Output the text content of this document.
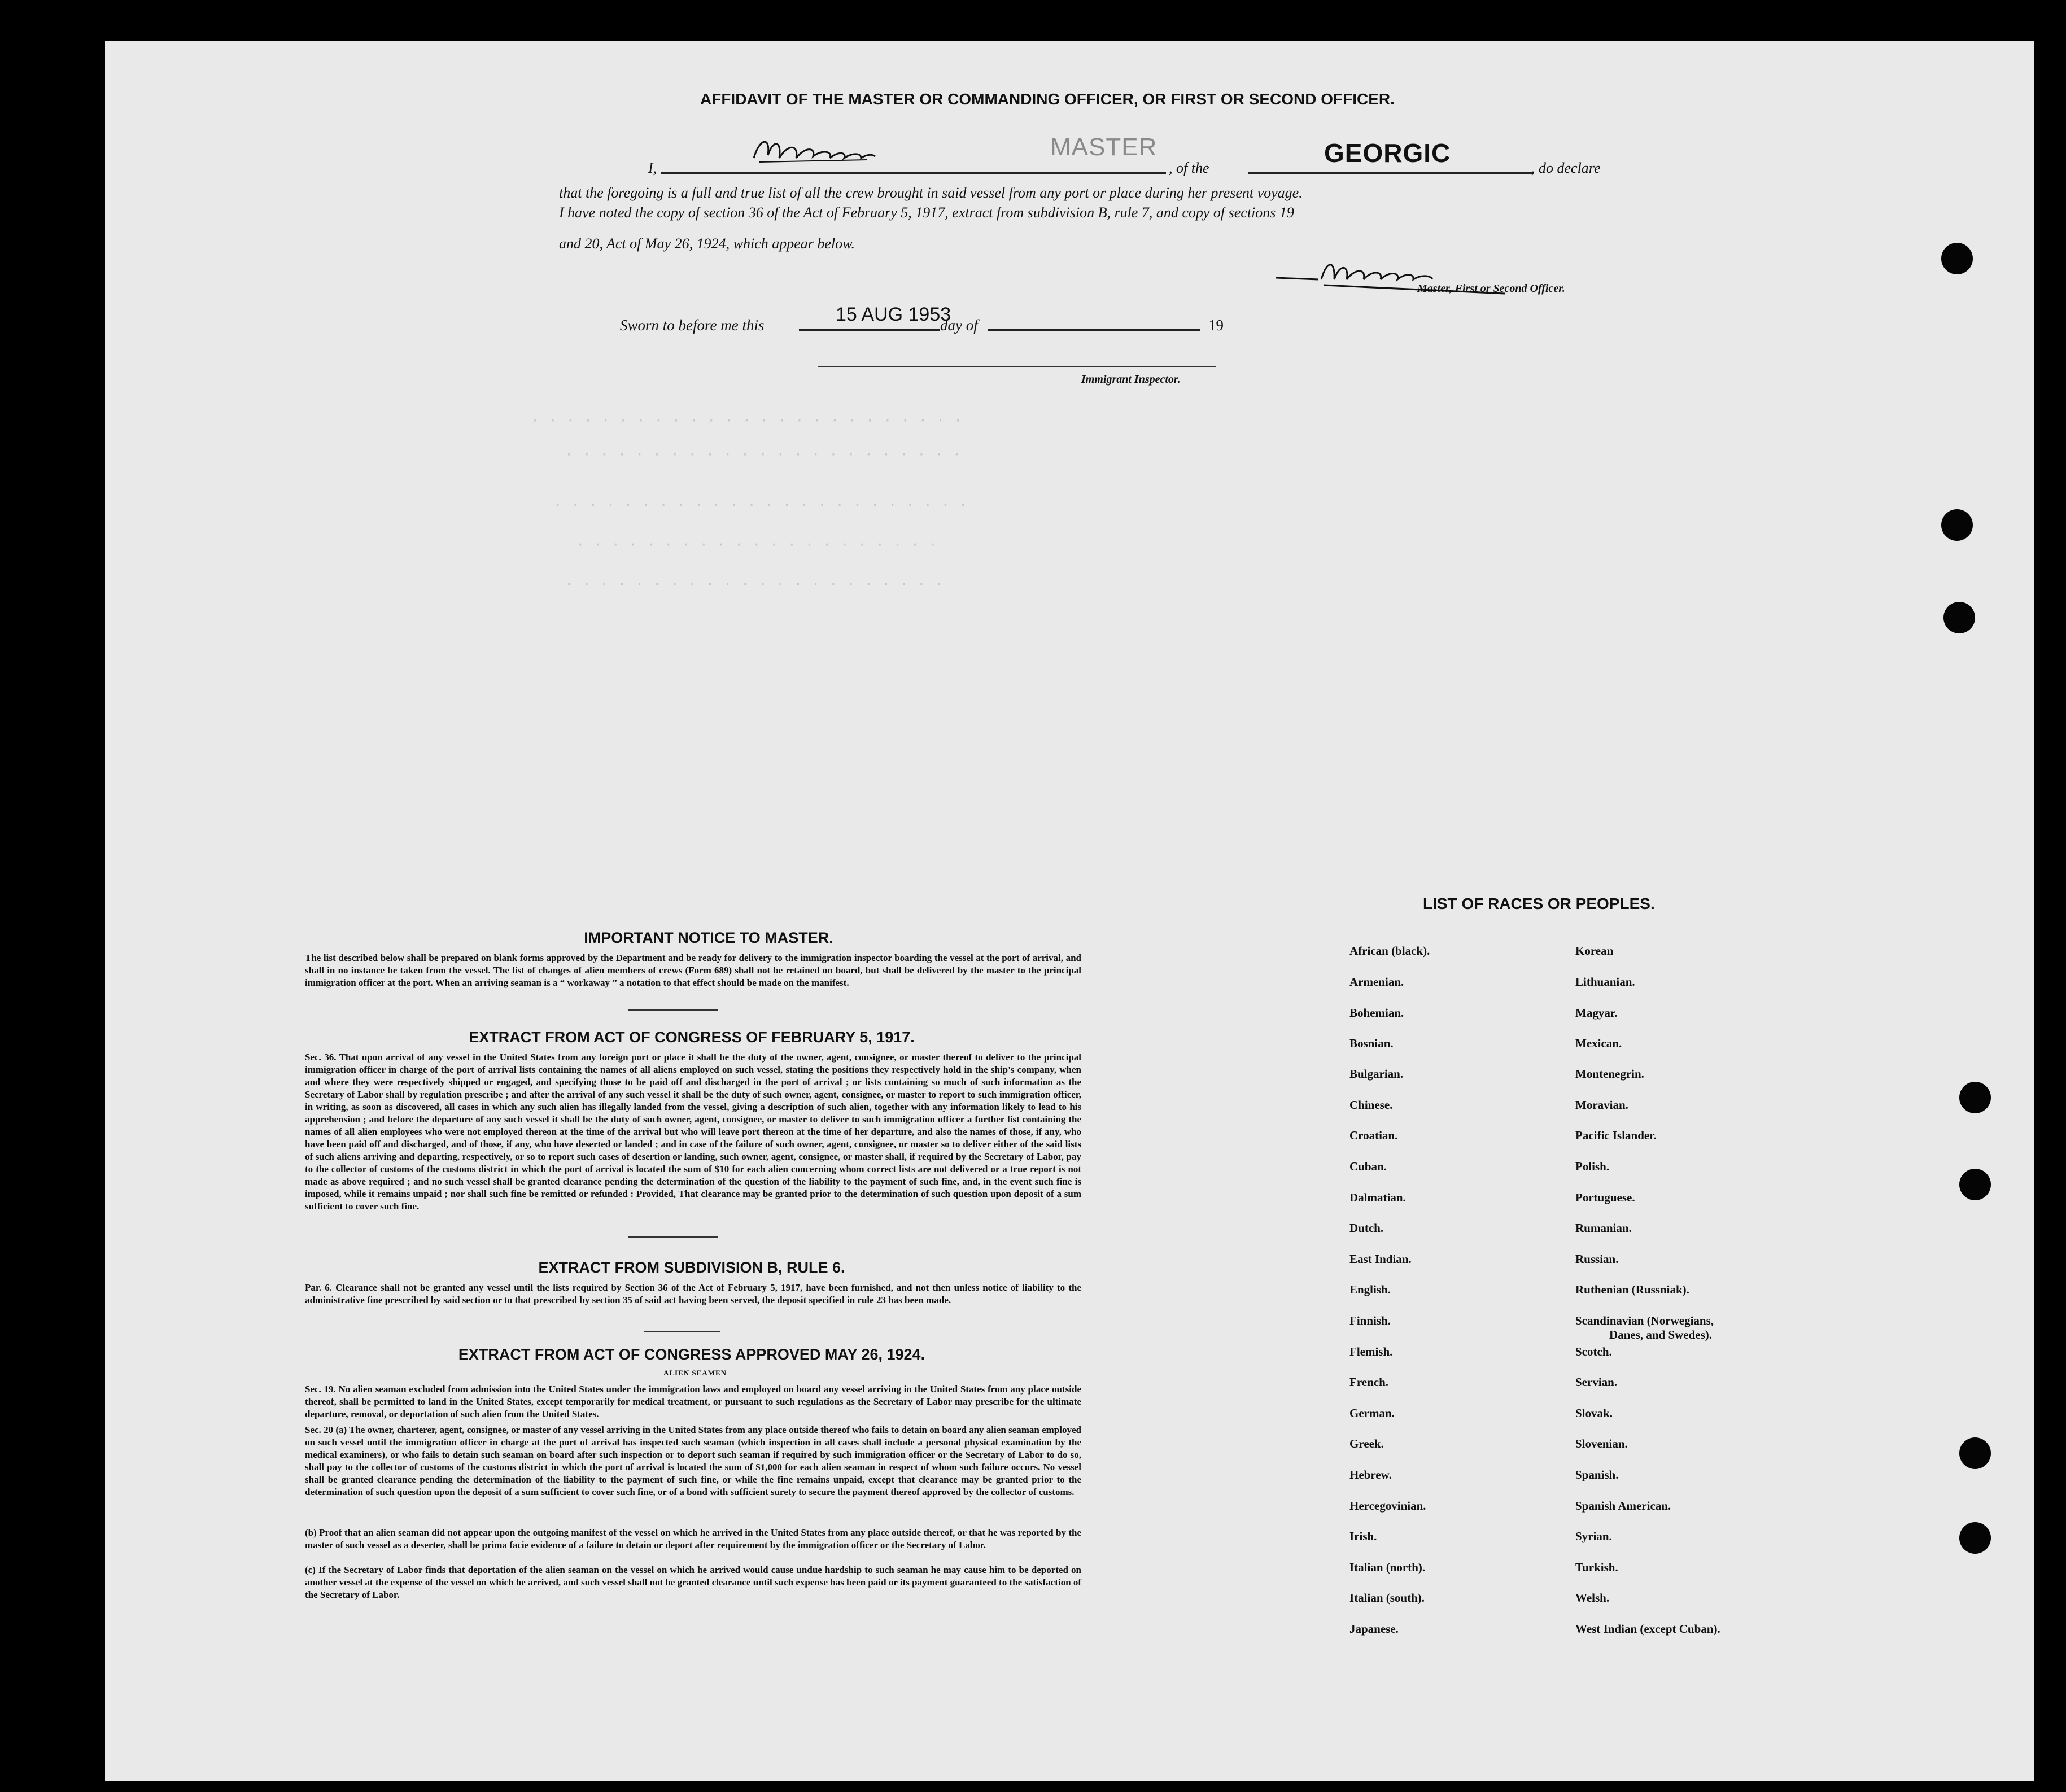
· · · · · · · · · · · · · · · · · · · · · · · · ·
· · · · · · · · · · · · · · · · · · · · · · ·
· · · · · · · · · · · · · · · · · · · · · · · ·
· · · · · · · · · · · · · · · · · · · · ·
· · · · · · · · · · · · · · · · · · · · · ·
AFFIDAVIT OF THE MASTER OR COMMANDING OFFICER, OR FIRST OR SECOND OFFICER.
I,
MASTER
, of the
GEORGIC
, do declare
that the foregoing is a full and true list of all the crew brought in said vessel from any port or place during her present voyage.
I have noted the copy of section 36 of the Act of February 5, 1917, extract from subdivision B, rule 7, and copy of sections 19
and 20, Act of May 26, 1924, which appear below.
Master, First or Second Officer.
Sworn to before me this	15 AUG 1953
day of	19
Immigrant Inspector.
IMPORTANT NOTICE TO MASTER.
The list described below shall be prepared on blank forms approved by the Department and be ready for delivery to the immigration inspector boarding the vessel at the port of arrival, and shall in no instance be taken from the vessel. The list of changes of alien members of crews (Form 689) shall not be retained on board, but shall be delivered by the master to the principal immigration officer at the port. When an arriving seaman is a “ workaway ” a notation to that effect should be made on the manifest.
EXTRACT FROM ACT OF CONGRESS OF FEBRUARY 5, 1917.
Sec. 36. That upon arrival of any vessel in the United States from any foreign port or place it shall be the duty of the owner, agent, consignee, or master thereof to deliver to the principal immigration officer in charge of the port of arrival lists containing the names of all aliens employed on such vessel, stating the positions they respectively hold in the ship's company, when and where they were respectively shipped or engaged, and specifying those to be paid off and discharged in the port of arrival ; or lists containing so much of such information as the Secretary of Labor shall by regulation prescribe ; and after the arrival of any such vessel it shall be the duty of such owner, agent, consignee, or master to report to such immigration officer, in writing, as soon as discovered, all cases in which any such alien has illegally landed from the vessel, giving a description of such alien, together with any information likely to lead to his apprehension ; and before the departure of any such vessel it shall be the duty of such owner, agent, consignee, or master to deliver to such immigration officer a further list containing the names of all alien employees who were not employed thereon at the time of the arrival but who will leave port thereon at the time of her departure, and also the names of those, if any, who have been paid off and discharged, and of those, if any, who have deserted or landed ; and in case of the failure of such owner, agent, consignee, or master so to deliver either of the said lists of such aliens arriving and departing, respectively, or so to report such cases of desertion or landing, such owner, agent, consignee, or master shall, if required by the Secretary of Labor, pay to the collector of customs of the customs district in which the port of arrival is located the sum of $10 for each alien concerning whom correct lists are not delivered or a true report is not made as above required ; and no such vessel shall be granted clearance pending the determination of the question of the liability to the payment of such fine, and, in the event such fine is imposed, while it remains unpaid ; nor shall such fine be remitted or refunded : Provided, That clearance may be granted prior to the determination of such question upon deposit of a sum sufficient to cover such fine.
EXTRACT FROM SUBDIVISION B, RULE 6.
Par. 6. Clearance shall not be granted any vessel until the lists required by Section 36 of the Act of February 5, 1917, have been furnished, and not then unless notice of liability to the administrative fine prescribed by said section or to that prescribed by section 35 of said act having been served, the deposit specified in rule 23 has been made.
EXTRACT FROM ACT OF CONGRESS APPROVED MAY 26, 1924.
ALIEN SEAMEN
Sec. 19. No alien seaman excluded from admission into the United States under the immigration laws and employed on board any vessel arriving in the United States from any place outside thereof, shall be permitted to land in the United States, except temporarily for medical treatment, or pursuant to such regulations as the Secretary of Labor may prescribe for the ultimate departure, removal, or deportation of such alien from the United States.
Sec. 20 (a) The owner, charterer, agent, consignee, or master of any vessel arriving in the United States from any place outside thereof who fails to detain on board any alien seaman employed on such vessel until the immigration officer in charge at the port of arrival has inspected such seaman (which inspection in all cases shall include a personal physical examination by the medical examiners), or who fails to detain such seaman on board after such inspection or to deport such seaman if required by such immigration officer or the Secretary of Labor to do so, shall pay to the collector of customs of the customs district in which the port of arrival is located the sum of $1,000 for each alien seaman in respect of whom such failure occurs. No vessel shall be granted clearance pending the determination of the liability to the payment of such fine, or while the fine remains unpaid, except that clearance may be granted prior to the determination of such question upon the deposit of a sum sufficient to cover such fine, or of a bond with sufficient surety to secure the payment thereof approved by the collector of customs.
(b) Proof that an alien seaman did not appear upon the outgoing manifest of the vessel on which he arrived in the United States from any place outside thereof, or that he was reported by the master of such vessel as a deserter, shall be prima facie evidence of a failure to detain or deport after requirement by the immigration officer or the Secretary of Labor.
(c) If the Secretary of Labor finds that deportation of the alien seaman on the vessel on which he arrived would cause undue hardship to such seaman he may cause him to be deported on another vessel at the expense of the vessel on which he arrived, and such vessel shall not be granted clearance until such expense has been paid or its payment guaranteed to the satisfaction of the Secretary of Labor.
LIST OF RACES OR PEOPLES.
African (black).
Armenian.
Bohemian.
Bosnian.
Bulgarian.
Chinese.
Croatian.
Cuban.
Dalmatian.
Dutch.
East Indian.
English.
Finnish.
Flemish.
French.
German.
Greek.
Hebrew.
Hercegovinian.
Irish.
Italian (north).
Italian (south).
Japanese.
Korean
Lithuanian.
Magyar.
Mexican.
Montenegrin.
Moravian.
Pacific Islander.
Polish.
Portuguese.
Rumanian.
Russian.
Ruthenian (Russniak).
Scandinavian (Norwegians,
Danes, and Swedes).
Scotch.
Servian.
Slovak.
Slovenian.
Spanish.
Spanish American.
Syrian.
Turkish.
Welsh.
West Indian (except Cuban).
